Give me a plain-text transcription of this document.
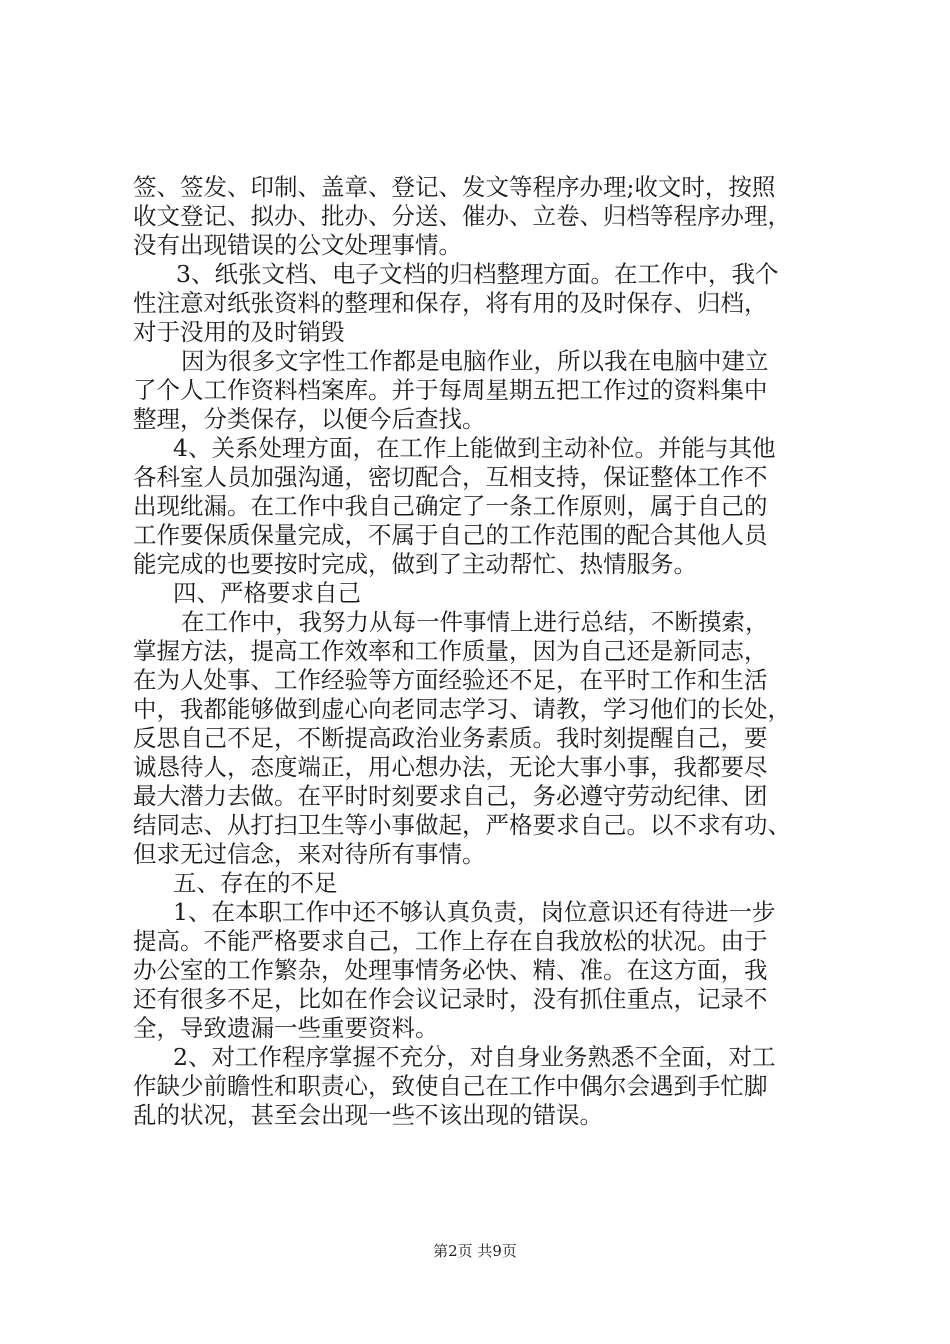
签、签发、印制、盖章、登记、发文等程序办理;收文时，按照
收文登记、拟办、批办、分送、催办、立卷、归档等程序办理，
没有出现错误的公文处理事情。
3、纸张文档、电子文档的归档整理方面。在工作中，我个
性注意对纸张资料的整理和保存，将有用的及时保存、归档，
对于没用的及时销毁
因为很多文字性工作都是电脑作业，所以我在电脑中建立
了个人工作资料档案库。并于每周星期五把工作过的资料集中
整理，分类保存，以便今后查找。
4、关系处理方面，在工作上能做到主动补位。并能与其他
各科室人员加强沟通，密切配合，互相支持，保证整体工作不
出现纰漏。在工作中我自己确定了一条工作原则，属于自己的
工作要保质保量完成，不属于自己的工作范围的配合其他人员
能完成的也要按时完成，做到了主动帮忙、热情服务。
四、严格要求自己
在工作中，我努力从每一件事情上进行总结，不断摸索，
掌握方法，提高工作效率和工作质量，因为自己还是新同志，
在为人处事、工作经验等方面经验还不足，在平时工作和生活
中，我都能够做到虚心向老同志学习、请教，学习他们的长处，
反思自己不足，不断提高政治业务素质。我时刻提醒自己，要
诚恳待人，态度端正，用心想办法，无论大事小事，我都要尽
最大潜力去做。在平时时刻要求自己，务必遵守劳动纪律、团
结同志、从打扫卫生等小事做起，严格要求自己。以不求有功、
但求无过信念，来对待所有事情。
五、存在的不足
1、在本职工作中还不够认真负责，岗位意识还有待进一步
提高。不能严格要求自己，工作上存在自我放松的状况。由于
办公室的工作繁杂，处理事情务必快、精、准。在这方面，我
还有很多不足，比如在作会议记录时，没有抓住重点，记录不
全，导致遗漏一些重要资料。
2、对工作程序掌握不充分，对自身业务熟悉不全面，对工
作缺少前瞻性和职责心，致使自己在工作中偶尔会遇到手忙脚
乱的状况，甚至会出现一些不该出现的错误。
第2页 共9页
